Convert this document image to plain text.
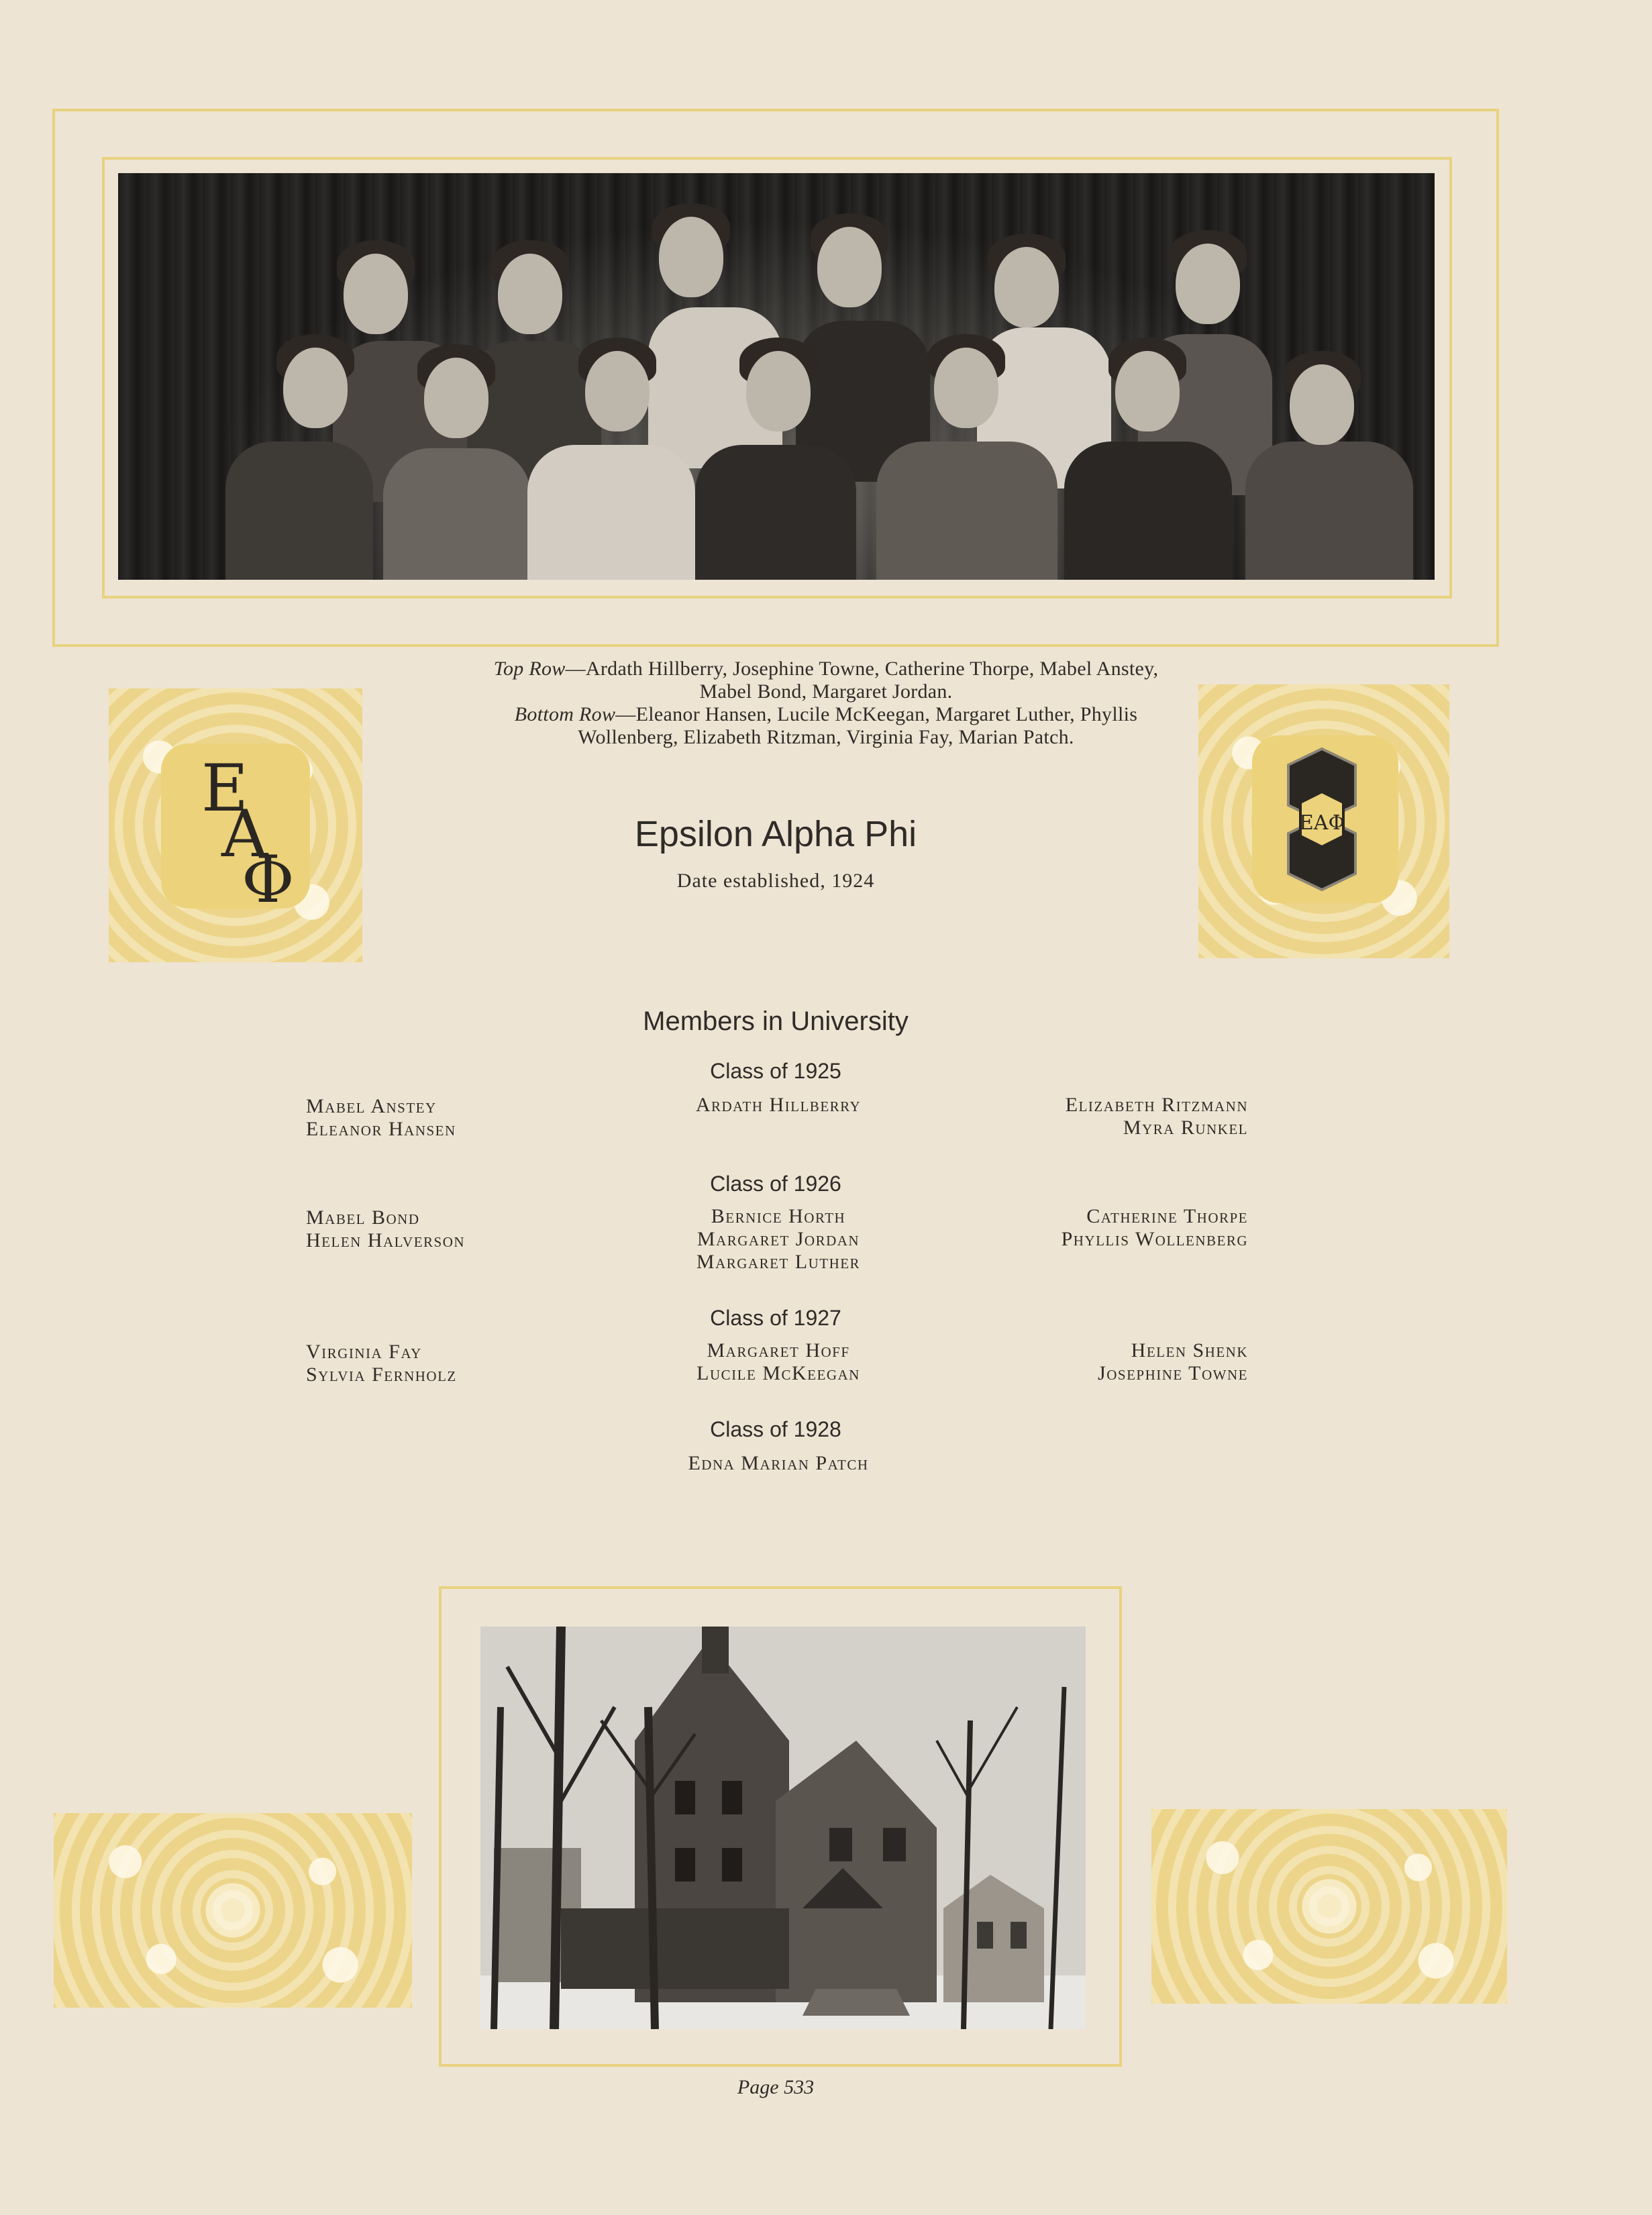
Top Row—Ardath Hillberry, Josephine Towne, Catherine Thorpe, Mabel Anstey,
Mabel Bond, Margaret Jordan.
Bottom Row—Eleanor Hansen, Lucile McKeegan, Margaret Luther, Phyllis
Wollenberg, Elizabeth Ritzman, Virginia Fay, Marian Patch.
E
A
Φ
ΕΑΦ
Epsilon Alpha Phi
Date established, 1924
Members in University
Class of 1925
Mabel Anstey
Eleanor Hansen
Ardath Hillberry	Elizabeth Ritzmann
Myra Runkel
Class of 1926
Mabel Bond
Helen Halverson
Bernice Horth
Margaret Jordan
Margaret Luther
Catherine Thorpe
Phyllis Wollenberg
Class of 1927
Virginia Fay
Sylvia Fernholz
Margaret Hoff
Lucile McKeegan
Helen Shenk
Josephine Towne
Class of 1928
Edna Marian Patch
Page 533
